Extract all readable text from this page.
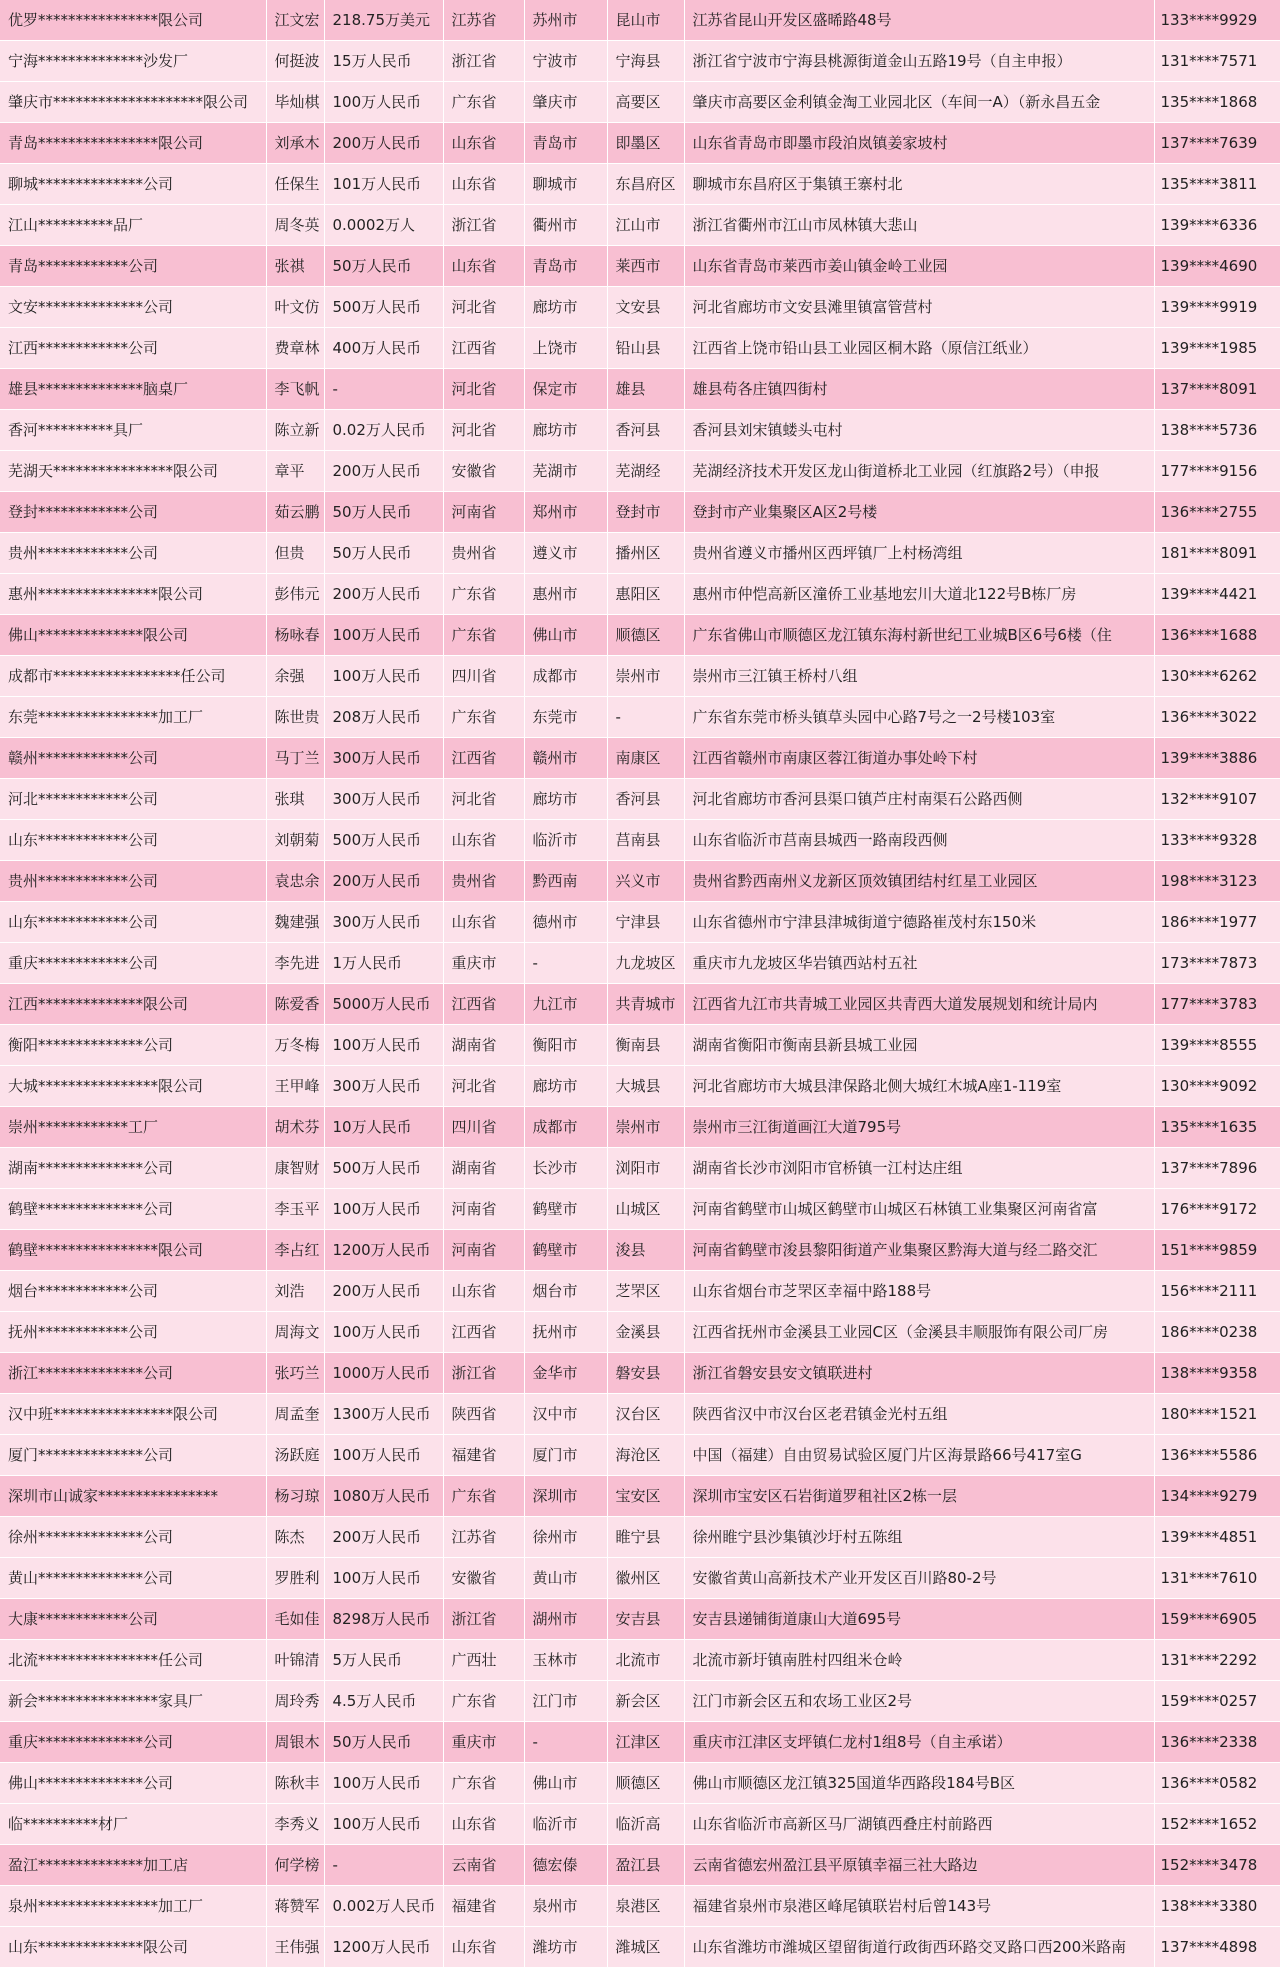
优罗****************限公司	江文宏	218.75万美元	江苏省	苏州市	昆山市	江苏省昆山开发区盛晞路48号	133****9929
宁海**************沙发厂	何挺波	15万人民币	浙江省	宁波市	宁海县	浙江省宁波市宁海县桃源街道金山五路19号（自主申报）	131****7571
肇庆市********************限公司	毕灿棋	100万人民币	广东省	肇庆市	高要区	肇庆市高要区金利镇金淘工业园北区（车间一A）（新永昌五金	135****1868
青岛****************限公司	刘承木	200万人民币	山东省	青岛市	即墨区	山东省青岛市即墨市段泊岚镇姜家坡村	137****7639
聊城**************公司	任保生	101万人民币	山东省	聊城市	东昌府区	聊城市东昌府区于集镇王寨村北	135****3811
江山**********品厂	周冬英	0.0002万人	浙江省	衢州市	江山市	浙江省衢州市江山市凤林镇大悲山	139****6336
青岛************公司	张祺	50万人民币	山东省	青岛市	莱西市	山东省青岛市莱西市姜山镇金岭工业园	139****4690
文安**************公司	叶文仿	500万人民币	河北省	廊坊市	文安县	河北省廊坊市文安县滩里镇富管营村	139****9919
江西************公司	费章林	400万人民币	江西省	上饶市	铅山县	江西省上饶市铅山县工业园区桐木路（原信江纸业）	139****1985
雄县**************脑桌厂	李飞帆	-	河北省	保定市	雄县	雄县苟各庄镇四街村	137****8091
香河**********具厂	陈立新	0.02万人民币	河北省	廊坊市	香河县	香河县刘宋镇蝼头屯村	138****5736
芜湖天****************限公司	章平	200万人民币	安徽省	芜湖市	芜湖经	芜湖经济技术开发区龙山街道桥北工业园（红旗路2号）（申报	177****9156
登封************公司	茹云鹏	50万人民币	河南省	郑州市	登封市	登封市产业集聚区A区2号楼	136****2755
贵州************公司	但贵	50万人民币	贵州省	遵义市	播州区	贵州省遵义市播州区西坪镇厂上村杨湾组	181****8091
惠州****************限公司	彭伟元	200万人民币	广东省	惠州市	惠阳区	惠州市仲恺高新区潼侨工业基地宏川大道北122号B栋厂房	139****4421
佛山**************限公司	杨咏春	100万人民币	广东省	佛山市	顺德区	广东省佛山市顺德区龙江镇东海村新世纪工业城B区6号6楼（住	136****1688
成都市*****************任公司	余强	100万人民币	四川省	成都市	崇州市	崇州市三江镇王桥村八组	130****6262
东莞****************加工厂	陈世贵	208万人民币	广东省	东莞市	-	广东省东莞市桥头镇草头园中心路7号之一2号楼103室	136****3022
赣州************公司	马丁兰	300万人民币	江西省	赣州市	南康区	江西省赣州市南康区蓉江街道办事处岭下村	139****3886
河北************公司	张琪	300万人民币	河北省	廊坊市	香河县	河北省廊坊市香河县渠口镇芦庄村南渠石公路西侧	132****9107
山东************公司	刘朝菊	500万人民币	山东省	临沂市	莒南县	山东省临沂市莒南县城西一路南段西侧	133****9328
贵州************公司	袁忠余	200万人民币	贵州省	黔西南	兴义市	贵州省黔西南州义龙新区顶效镇团结村红星工业园区	198****3123
山东************公司	魏建强	300万人民币	山东省	德州市	宁津县	山东省德州市宁津县津城街道宁德路崔茂村东150米	186****1977
重庆************公司	李先进	1万人民币	重庆市	-	九龙坡区	重庆市九龙坡区华岩镇西站村五社	173****7873
江西**************限公司	陈爱香	5000万人民币	江西省	九江市	共青城市	江西省九江市共青城工业园区共青西大道发展规划和统计局内	177****3783
衡阳**************公司	万冬梅	100万人民币	湖南省	衡阳市	衡南县	湖南省衡阳市衡南县新县城工业园	139****8555
大城****************限公司	王甲峰	300万人民币	河北省	廊坊市	大城县	河北省廊坊市大城县津保路北侧大城红木城A座1-119室	130****9092
崇州************工厂	胡术芬	10万人民币	四川省	成都市	崇州市	崇州市三江街道画江大道795号	135****1635
湖南**************公司	康智财	500万人民币	湖南省	长沙市	浏阳市	湖南省长沙市浏阳市官桥镇一江村达庄组	137****7896
鹤壁**************公司	李玉平	100万人民币	河南省	鹤壁市	山城区	河南省鹤壁市山城区鹤壁市山城区石林镇工业集聚区河南省富	176****9172
鹤壁****************限公司	李占红	1200万人民币	河南省	鹤壁市	浚县	河南省鹤壁市浚县黎阳街道产业集聚区黔海大道与经二路交汇	151****9859
烟台************公司	刘浩	200万人民币	山东省	烟台市	芝罘区	山东省烟台市芝罘区幸福中路188号	156****2111
抚州************公司	周海文	100万人民币	江西省	抚州市	金溪县	江西省抚州市金溪县工业园C区（金溪县丰顺服饰有限公司厂房	186****0238
浙江**************公司	张巧兰	1000万人民币	浙江省	金华市	磐安县	浙江省磐安县安文镇联进村	138****9358
汉中班****************限公司	周孟奎	1300万人民币	陕西省	汉中市	汉台区	陕西省汉中市汉台区老君镇金光村五组	180****1521
厦门**************公司	汤跃庭	100万人民币	福建省	厦门市	海沧区	中国（福建）自由贸易试验区厦门片区海景路66号417室G	136****5586
深圳市山诚家****************	杨习琼	1080万人民币	广东省	深圳市	宝安区	深圳市宝安区石岩街道罗租社区2栋一层	134****9279
徐州**************公司	陈杰	200万人民币	江苏省	徐州市	睢宁县	徐州睢宁县沙集镇沙圩村五陈组	139****4851
黄山**************公司	罗胜利	100万人民币	安徽省	黄山市	徽州区	安徽省黄山高新技术产业开发区百川路80-2号	131****7610
大康************公司	毛如佳	8298万人民币	浙江省	湖州市	安吉县	安吉县递铺街道康山大道695号	159****6905
北流****************任公司	叶锦清	5万人民币	广西壮	玉林市	北流市	北流市新圩镇南胜村四组米仓岭	131****2292
新会****************家具厂	周玲秀	4.5万人民币	广东省	江门市	新会区	江门市新会区五和农场工业区2号	159****0257
重庆**************公司	周银木	50万人民币	重庆市	-	江津区	重庆市江津区支坪镇仁龙村1组8号（自主承诺）	136****2338
佛山**************公司	陈秋丰	100万人民币	广东省	佛山市	顺德区	佛山市顺德区龙江镇325国道华西路段184号B区	136****0582
临**********材厂	李秀义	100万人民币	山东省	临沂市	临沂高	山东省临沂市高新区马厂湖镇西叠庄村前路西	152****1652
盈江**************加工店	何学榜	-	云南省	德宏傣	盈江县	云南省德宏州盈江县平原镇幸福三社大路边	152****3478
泉州****************加工厂	蒋赞军	0.002万人民币	福建省	泉州市	泉港区	福建省泉州市泉港区峰尾镇联岩村后曾143号	138****3380
山东**************限公司	王伟强	1200万人民币	山东省	潍坊市	潍城区	山东省潍坊市潍城区望留街道行政街西环路交叉路口西200米路南	137****4898
